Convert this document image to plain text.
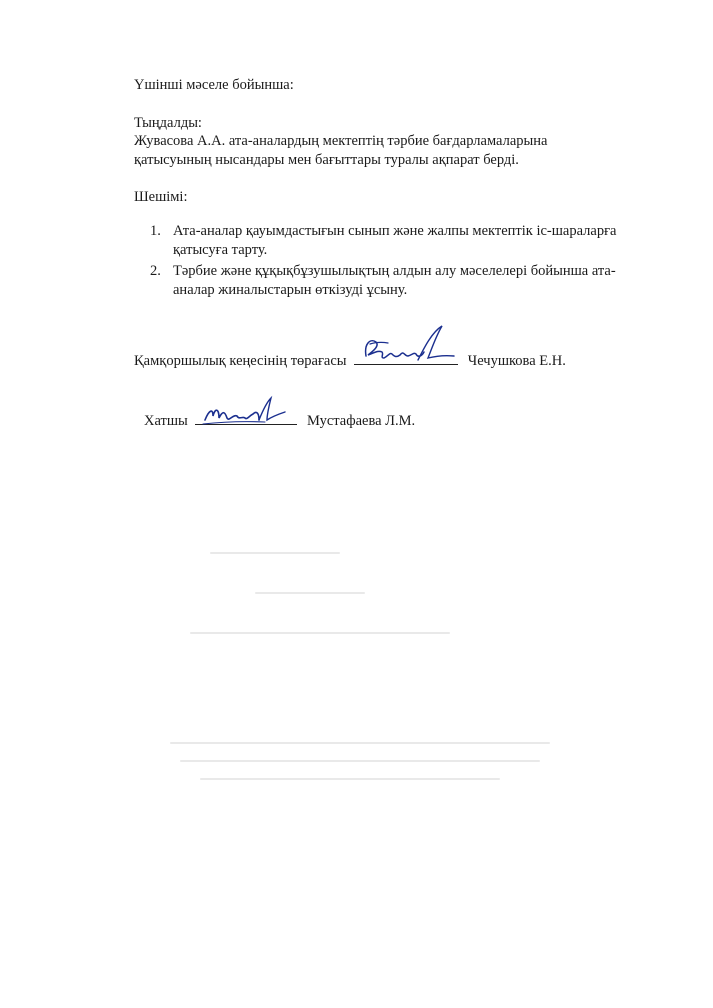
Үшінші мәселе бойынша:
Тыңдалды:
Жувасова А.А. ата-аналардың мектептің тәрбие бағдарламаларына
қатысуының нысандары мен бағыттары туралы ақпарат берді.
Шешімі:
1. Ата-аналар қауымдастығын сынып және жалпы мектептік іс-шараларға
қатысуға тарту.
2. Тәрбие және құқықбұзушылықтың алдын алу мәселелері бойынша ата-
аналар жиналыстарын өткізуді ұсыну.
Қамқоршылық кеңесінің төрағасы	Чечушкова Е.Н.
Хатшы	Мустафаева Л.М.
